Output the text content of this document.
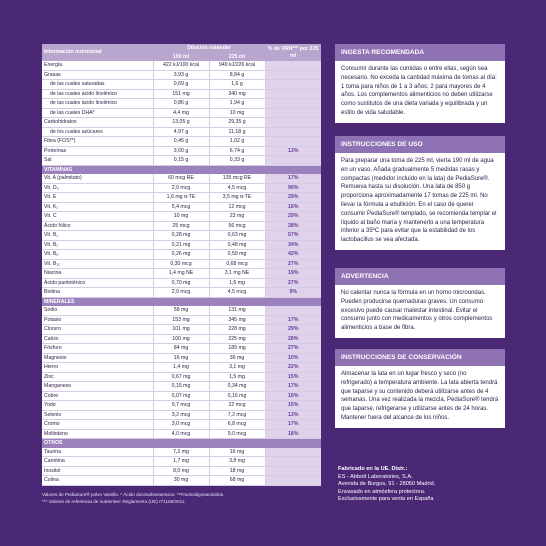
Información nutricional	Dilución estándar		% de VRN*** por 225 ml
	100 ml	225 ml	
Energía	422 kJ/100 kcal	949 kJ/226 kcal	
Grasas	3,93 g	8,84 g	
de las cuales saturadas	0,69 g	1,6 g	
de las cuales ácido linolénico	151 mg	340 mg	
de las cuales ácido linolénico	0,86 g	1,94 g	
de las cuales DHA*	4,4 mg	10 mg	
Carbohidratos	13,05 g	29,35 g	
de los cuales azúcares	4,97 g	11,18 g	
Fibra (FOS**)	0,45 g	1,02 g	
Proteínas	3,00 g	6,74 g	13%
Sal	0,15 g	0,33 g	
VITAMINAS			
Vit. A (palmitato)	60 mcg RE	135 mcg RE	17%
Vit. D₃	2,0 mcg	4,5 mcg	90%
Vit. E	1,6 mg α-TE	3,5 mg α-TE	29%
Vit. K₁	5,4 mcg	12 mcg	16%
Vit. C	10 mg	23 mg	29%
Ácido fólico	25 mcg	56 mcg	28%
Vit. B₁	0,28 mg	0,63 mg	57%
Vit. B₂	0,21 mg	0,48 mg	34%
Vit. B₆	0,26 mg	0,59 mg	42%
Vit. B₁₂	0,30 mcg	0,68 mcg	27%
Niacina	1,4 mg NE	3,1 mg NE	19%
Ácido pantoténico	0,70 mg	1,6 mg	27%
Biotina	2,0 mcg	4,5 mcg	9%
MINERALES			
Sodio	58 mg	131 mg	
Potasio	153 mg	345 mg	17%
Cloruro	101 mg	228 mg	29%
Calcio	100 mg	225 mg	28%
Fósforo	84 mg	189 mg	27%
Magnesio	16 mg	36 mg	10%
Hierro	1,4 mg	3,1 mg	22%
Zinc	0,67 mg	1,5 mg	15%
Manganeso	0,15 mg	0,34 mg	17%
Cobre	0,07 mg	0,16 mg	16%
Yodo	9,7 mcg	22 mcg	15%
Selenio	3,2 mcg	7,2 mcg	13%
Cromo	3,0 mcg	6,8 mcg	17%
Molibdeno	4,0 mcg	9,0 mcg	18%
OTROS			
Taurina	7,2 mg	16 mg	
Carnitina	1,7 mg	3,8 mg	
Inositol	8,0 mg	18 mg	
Colina	30 mg	68 mg	
Valores de PediaSure® polvo Vainilla. * Ácido docosahexaenoico. **Fructooligosacáridos.
*** Valores de referencia de nutrientes: Reglamento (UE) nº1169/2011.
INGESTA RECOMENDADA
Consumir durante las comidas o entre ellas, según sea necesario. No exceda la cantidad máxima de tomas al día: 1 toma para niños de 1 a 3 años; 2 para mayores de 4 años. Los complementos alimenticios no deben utilizarse como sustitutos de una dieta variada y equilibrada y un estilo de vida saludable.
INSTRUCCIONES DE USO
Para preparar una toma de 225 ml, vierta 190 ml de agua en un vaso. Añada gradualmente 5 medidas rasas y compactas (medidor incluido en la lata) de PediaSure®. Remueva hasta su disolución. Una lata de 850 g proporciona aproximadamente 17 tomas de 225 ml. No llevar la fórmula a ebullición. En el caso de querer consumir PediaSure® templado, se recomienda templar el líquido al baño maría y mantenerlo a una temperatura inferior a 35ºC para evitar que la estabilidad de los lactobacillus se vea afectada.
ADVERTENCIA
No calentar nunca la fórmula en un horno microondas. Pueden producirse quemaduras graves. Un consumo excesivo puede causar malestar intestinal. Evitar el consumo junto con medicamentos y otros complementos alimenticios a base de fibra.
INSTRUCCIONES DE CONSERVACIÓN
Almacenar la lata en un lugar fresco y seco (no refrigerado) a temperatura ambiente. La lata abierta tendrá que taparse y su contenido deberá utilizarse antes de 4 semanas. Una vez realizada la mezcla, PediaSure® tendrá que taparse, refrigerarse y utilizarse antes de 24 horas. Mantener fuera del alcance de los niños.
Fabricado en la UE. Distr.:
ES - Abbott Laboratories, S.A.
Avenida de Burgos, 91 - 28050 Madrid.
Envasado en atmósfera protectora.
Exclusivamente para venta en España
